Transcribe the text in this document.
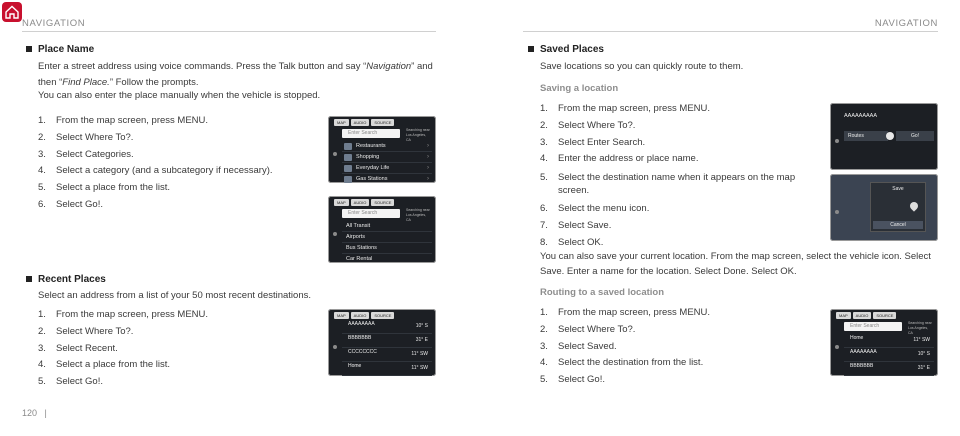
NAVIGATION	NAVIGATION
Place Name
Enter a street address using voice commands. Press the Talk button and say “Navigation” and then “Find Place.” Follow the prompts.
You can also enter the place manually when the vehicle is stopped.
1. From the map screen, press MENU.
2. Select Where To?.
3. Select Categories.
4. Select a category (and a subcategory if necessary).
5. Select a place from the list.
6. Select Go!.
MAP	AUDIO	SOURCE
Enter Search	Searching near Los Angeles, CA
Restaurants	›
Shopping	›
Everyday Life	›
Gas Stations	›
MAP	AUDIO	SOURCE
Enter Search	Searching near Los Angeles, CA
All Transit
Airports
Bus Stations
Car Rental
Recent Places
Select an address from a list of your 50 most recent destinations.
1. From the map screen, press MENU.
2. Select Where To?.
3. Select Recent.
4. Select a place from the list.
5. Select Go!.
MAP	AUDIO	SOURCE
AAAAAAAA	10° S
BBBBBBB	31° E
CCCCCCCC	11° SW
Home	11° SW
Saved Places
Save locations so you can quickly route to them.
Saving a location
1. From the map screen, press MENU.
2. Select Where To?.
3. Select Enter Search.
4. Enter the address or place name.
5. Select the destination name when it appears on the map screen.
6. Select the menu icon.
7. Select Save.
8. Select OK.
You can also save your current location. From the map screen, select the vehicle icon. Select Save. Enter a name for the location. Select Done. Select OK.
Routing to a saved location
1. From the map screen, press MENU.
2. Select Where To?.
3. Select Saved.
4. Select the destination from the list.
5. Select Go!.
AAAAAAAAA
Routes	Go!
Save
Cancel
MAP	AUDIO	SOURCE
Enter Search	Searching near Los Angeles, CA
Home	11° SW
AAAAAAAA	10° S
BBBBBBB	31° E
120 |
